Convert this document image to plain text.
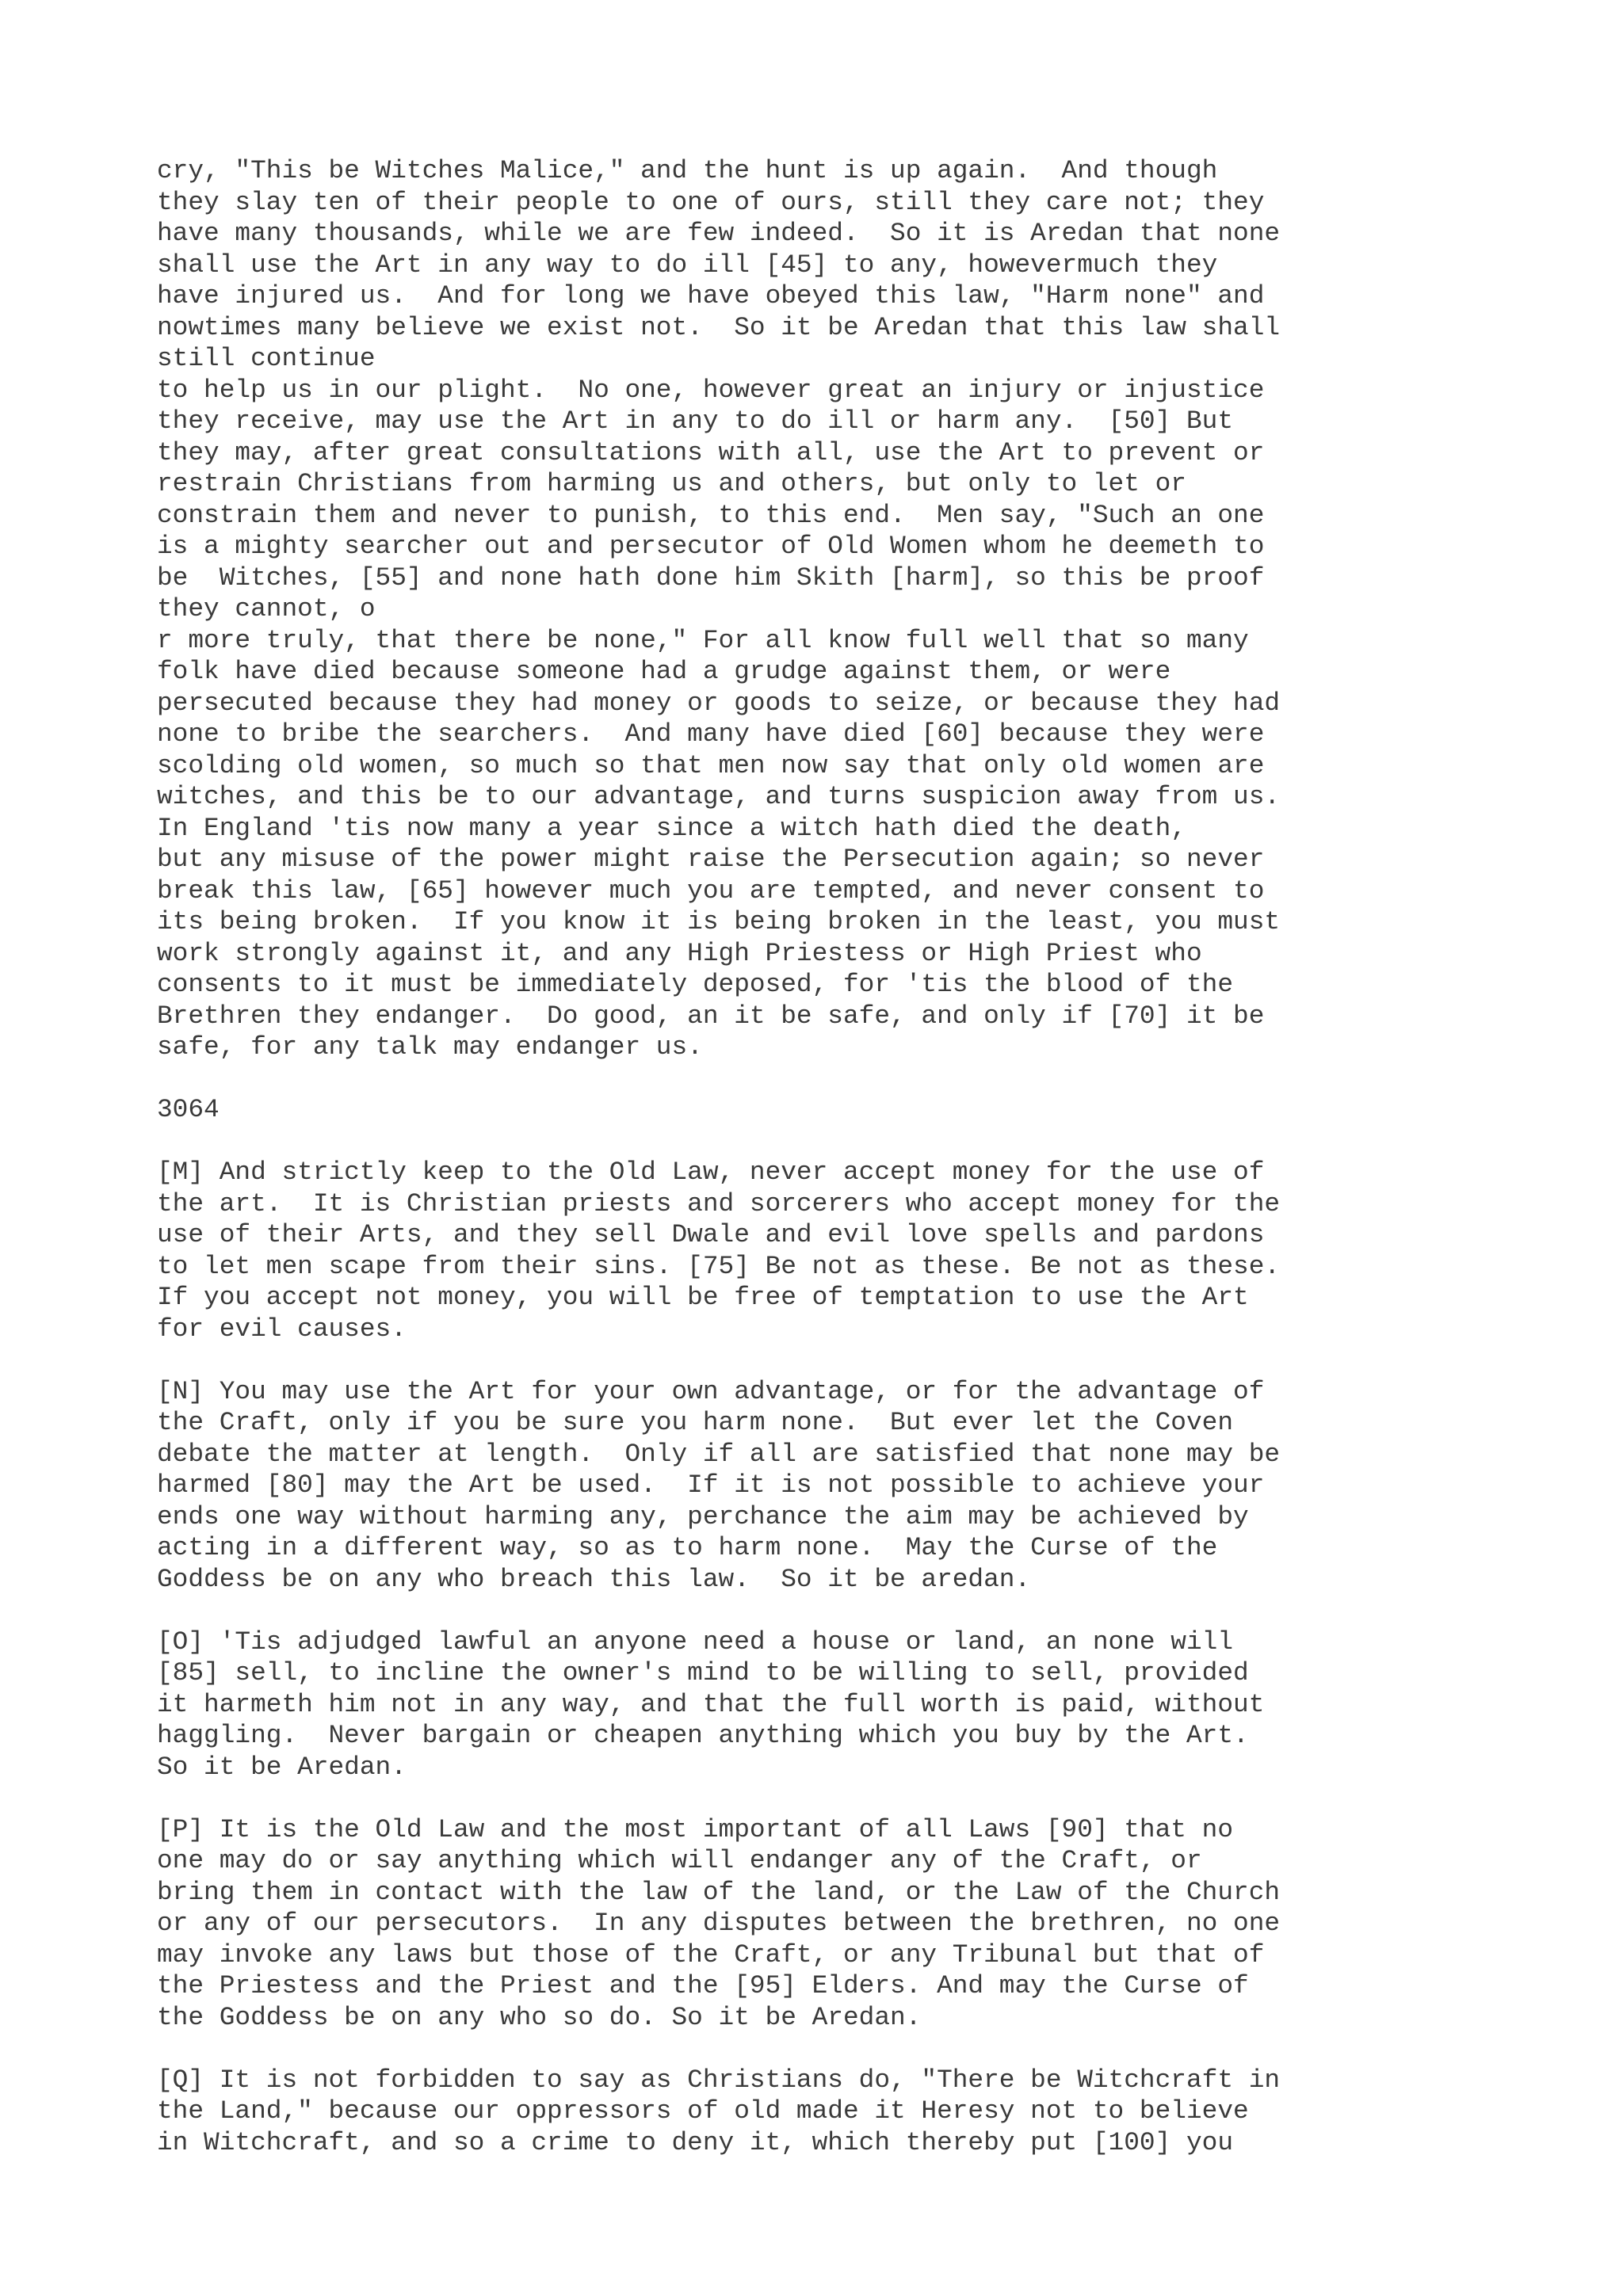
cry, "This be Witches Malice," and the hunt is up again.  And though
they slay ten of their people to one of ours, still they care not; they
have many thousands, while we are few indeed.  So it is Aredan that none
shall use the Art in any way to do ill [45] to any, howevermuch they
have injured us.  And for long we have obeyed this law, "Harm none" and
nowtimes many believe we exist not.  So it be Aredan that this law shall
still continue
to help us in our plight.  No one, however great an injury or injustice
they receive, may use the Art in any to do ill or harm any.  [50] But
they may, after great consultations with all, use the Art to prevent or
restrain Christians from harming us and others, but only to let or
constrain them and never to punish, to this end.  Men say, "Such an one
is a mighty searcher out and persecutor of Old Women whom he deemeth to
be  Witches, [55] and none hath done him Skith [harm], so this be proof
they cannot, o
r more truly, that there be none," For all know full well that so many
folk have died because someone had a grudge against them, or were
persecuted because they had money or goods to seize, or because they had
none to bribe the searchers.  And many have died [60] because they were
scolding old women, so much so that men now say that only old women are
witches, and this be to our advantage, and turns suspicion away from us.
In England 'tis now many a year since a witch hath died the death,
but any misuse of the power might raise the Persecution again; so never
break this law, [65] however much you are tempted, and never consent to
its being broken.  If you know it is being broken in the least, you must
work strongly against it, and any High Priestess or High Priest who
consents to it must be immediately deposed, for 'tis the blood of the
Brethren they endanger.  Do good, an it be safe, and only if [70] it be
safe, for any talk may endanger us.
3064
[M] And strictly keep to the Old Law, never accept money for the use of
the art.  It is Christian priests and sorcerers who accept money for the
use of their Arts, and they sell Dwale and evil love spells and pardons
to let men scape from their sins. [75] Be not as these. Be not as these.
If you accept not money, you will be free of temptation to use the Art
for evil causes.
[N] You may use the Art for your own advantage, or for the advantage of
the Craft, only if you be sure you harm none.  But ever let the Coven
debate the matter at length.  Only if all are satisfied that none may be
harmed [80] may the Art be used.  If it is not possible to achieve your
ends one way without harming any, perchance the aim may be achieved by
acting in a different way, so as to harm none.  May the Curse of the
Goddess be on any who breach this law.  So it be aredan.
[O] 'Tis adjudged lawful an anyone need a house or land, an none will
[85] sell, to incline the owner's mind to be willing to sell, provided
it harmeth him not in any way, and that the full worth is paid, without
haggling.  Never bargain or cheapen anything which you buy by the Art.
So it be Aredan.
[P] It is the Old Law and the most important of all Laws [90] that no
one may do or say anything which will endanger any of the Craft, or
bring them in contact with the law of the land, or the Law of the Church
or any of our persecutors.  In any disputes between the brethren, no one
may invoke any laws but those of the Craft, or any Tribunal but that of
the Priestess and the Priest and the [95] Elders. And may the Curse of
the Goddess be on any who so do. So it be Aredan.
[Q] It is not forbidden to say as Christians do, "There be Witchcraft in
the Land," because our oppressors of old made it Heresy not to believe
in Witchcraft, and so a crime to deny it, which thereby put [100] you
